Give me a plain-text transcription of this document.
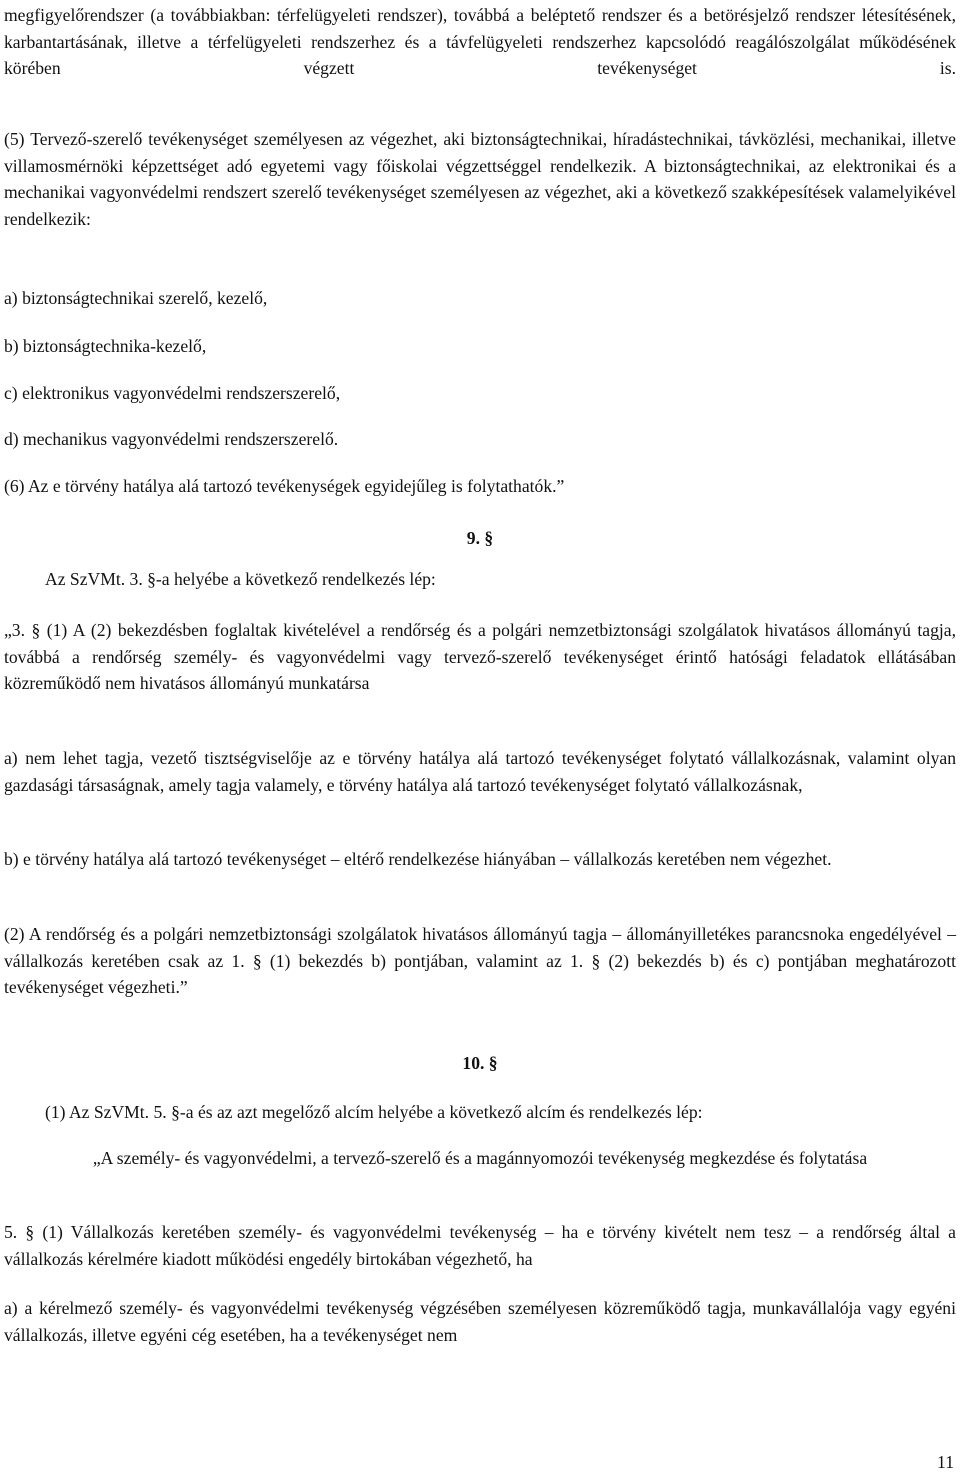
megfigyelőrendszer (a továbbiakban: térfelügyeleti rendszer), továbbá a beléptető rendszer és a betörésjelző rendszer létesítésének, karbantartásának, illetve a térfelügyeleti rendszerhez és a távfelügyeleti rendszerhez kapcsolódó reagálószolgálat működésének körében végzett tevékenységet is.

(5) Tervező-szerelő tevékenységet személyesen az végezhet, aki biztonságtechnikai, híradástechnikai, távközlési, mechanikai, illetve villamosmérnöki képzettséget adó egyetemi vagy főiskolai végzettséggel rendelkezik. A biztonságtechnikai, az elektronikai és a mechanikai vagyonvédelmi rendszert szerelő tevékenységet személyesen az végezhet, aki a következő szakképesítések valamelyikével rendelkezik:

a) biztonságtechnikai szerelő, kezelő,

b) biztonságtechnika-kezelő,

c) elektronikus vagyonvédelmi rendszerszerelő,

d) mechanikus vagyonvédelmi rendszerszerelő.

(6) Az e törvény hatálya alá tartozó tevékenységek egyidejűleg is folytathatók.”

9. §

Az SzVMt. 3. §-a helyébe a következő rendelkezés lép:

„3. § (1) A (2) bekezdésben foglaltak kivételével a rendőrség és a polgári nemzetbiztonsági szolgálatok hivatásos állományú tagja, továbbá a rendőrség személy- és vagyonvédelmi vagy tervező-szerelő tevékenységet érintő hatósági feladatok ellátásában közreműködő nem hivatásos állományú munkatársa

a) nem lehet tagja, vezető tisztségviselője az e törvény hatálya alá tartozó tevékenységet folytató vállalkozásnak, valamint olyan gazdasági társaságnak, amely tagja valamely, e törvény hatálya alá tartozó tevékenységet folytató vállalkozásnak,

b) e törvény hatálya alá tartozó tevékenységet – eltérő rendelkezése hiányában – vállalkozás keretében nem végezhet.

(2) A rendőrség és a polgári nemzetbiztonsági szolgálatok hivatásos állományú tagja – állományilletékes parancsnoka engedélyével – vállalkozás keretében csak az 1. § (1) bekezdés b) pontjában, valamint az 1. § (2) bekezdés b) és c) pontjában meghatározott tevékenységet végezheti.”

10. §

(1) Az SzVMt. 5. §-a és az azt megelőző alcím helyébe a következő alcím és rendelkezés lép:

„A személy- és vagyonvédelmi, a tervező-szerelő és a magánnyomozói tevékenység megkezdése és folytatása

5. § (1) Vállalkozás keretében személy- és vagyonvédelmi tevékenység – ha e törvény kivételt nem tesz – a rendőrség által a vállalkozás kérelmére kiadott működési engedély birtokában végezhető, ha

a) a kérelmező személy- és vagyonvédelmi tevékenység végzésében személyesen közreműködő tagja, munkavállalója vagy egyéni vállalkozás, illetve egyéni cég esetében, ha a tevékenységet nem

11
